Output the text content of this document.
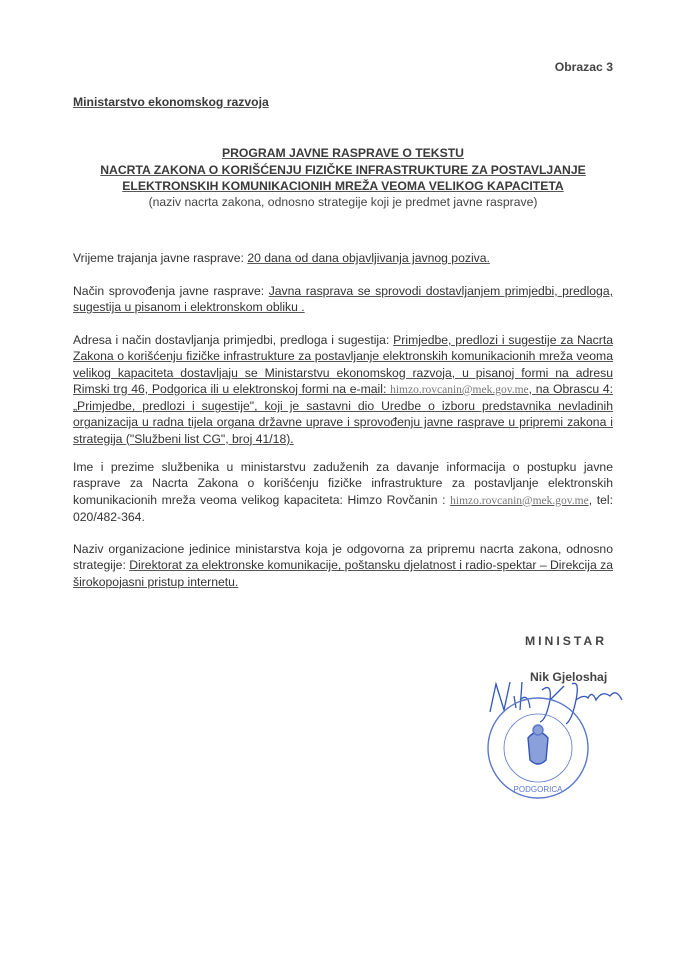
Obrazac 3
Ministarstvo ekonomskog razvoja
PROGRAM JAVNE RASPRAVE O TEKSTU
NACRTA ZAKONA O KORIŠĆENJU FIZIČKE INFRASTRUKTURE ZA POSTAVLJANJE
ELEKTRONSKIH KOMUNIKACIONIH MREŽA VEOMA VELIKOG KAPACITETA
(naziv nacrta zakona, odnosno strategije koji je predmet javne rasprave)
Vrijeme trajanja javne rasprave: 20 dana od dana objavljivanja javnog poziva.
Način sprovođenja javne rasprave: Javna rasprava se sprovodi dostavljanjem primjedbi, predloga, sugestija u pisanom i elektronskom obliku .
Adresa i način dostavljanja primjedbi, predloga i sugestija: Primjedbe, predlozi i sugestije za Nacrta Zakona o korišćenju fizičke infrastrukture za postavljanje elektronskih komunikacionih mreža veoma velikog kapaciteta dostavljaju se Ministarstvu ekonomskog razvoja, u pisanoj formi na adresu Rimski trg 46, Podgorica ili u elektronskoj formi na e-mail: himzo.rovcanin@mek.gov.me, na Obrascu 4: „Primjedbe, predlozi i sugestije", koji je sastavni dio Uredbe o izboru predstavnika nevladinih organizacija u radna tijela organa državne uprave i sprovođenju javne rasprave u pripremi zakona i strategija ("Službeni list CG", broj 41/18).
Ime i prezime službenika u ministarstvu zaduženih za davanje informacija o postupku javne rasprave za Nacrta Zakona o korišćenju fizičke infrastrukture za postavljanje elektronskih komunikacionih mreža veoma velikog kapaciteta: Himzo Rovčanin : himzo.rovcanin@mek.gov.me, tel: 020/482-364.
Naziv organizacione jedinice ministarstva koja je odgovorna za pripremu nacrta zakona, odnosno strategije: Direktorat za elektronske komunikacije, poštansku djelatnost i radio-spektar – Direkcija za širokopojasni pristup internetu.
MINISTAR
Nik Gjeloshaj
PODGORICA
